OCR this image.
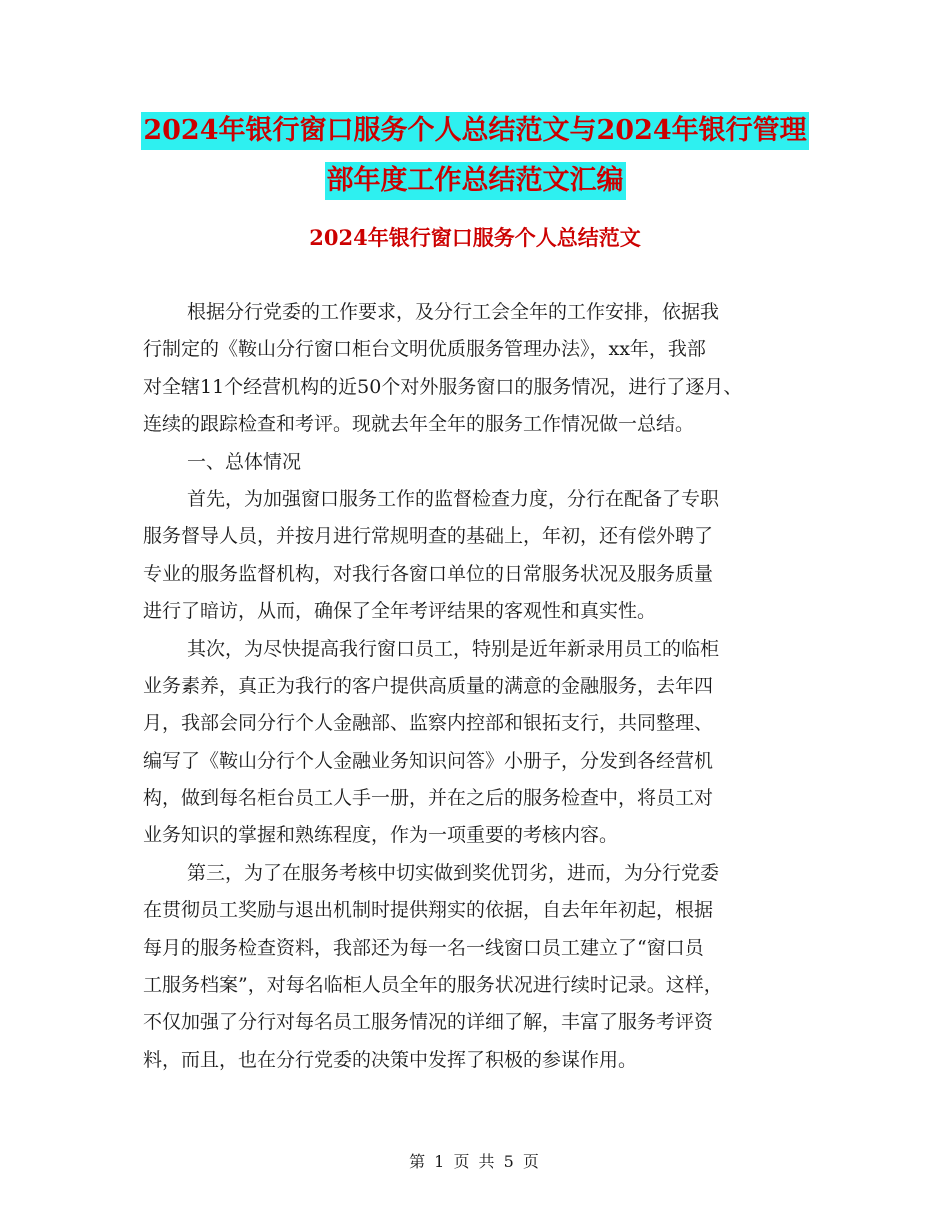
2024年银行窗口服务个人总结范文与2024年银行管理
部年度工作总结范文汇编
2024年银行窗口服务个人总结范文

根据分行党委的工作要求，及分行工会全年的工作安排，依据我

行制定的《鞍山分行窗口柜台文明优质服务管理办法》，xx年，我部

对全辖11个经营机构的近50个对外服务窗口的服务情况，进行了逐月、

连续的跟踪检查和考评。现就去年全年的服务工作情况做一总结。

一、总体情况

首先，为加强窗口服务工作的监督检查力度，分行在配备了专职

服务督导人员，并按月进行常规明查的基础上，年初，还有偿外聘了

专业的服务监督机构，对我行各窗口单位的日常服务状况及服务质量

进行了暗访，从而，确保了全年考评结果的客观性和真实性。

其次，为尽快提高我行窗口员工，特别是近年新录用员工的临柜

业务素养，真正为我行的客户提供高质量的满意的金融服务，去年四

月，我部会同分行个人金融部、监察内控部和银拓支行，共同整理、

编写了《鞍山分行个人金融业务知识问答》小册子，分发到各经营机

构，做到每名柜台员工人手一册，并在之后的服务检查中，将员工对

业务知识的掌握和熟练程度，作为一项重要的考核内容。

第三，为了在服务考核中切实做到奖优罚劣，进而，为分行党委

在贯彻员工奖励与退出机制时提供翔实的依据，自去年年初起，根据

每月的服务检查资料，我部还为每一名一线窗口员工建立了“窗口员

工服务档案”，对每名临柜人员全年的服务状况进行续时记录。这样，

不仅加强了分行对每名员工服务情况的详细了解，丰富了服务考评资

料，而且，也在分行党委的决策中发挥了积极的参谋作用。

第 1 页 共 5 页
